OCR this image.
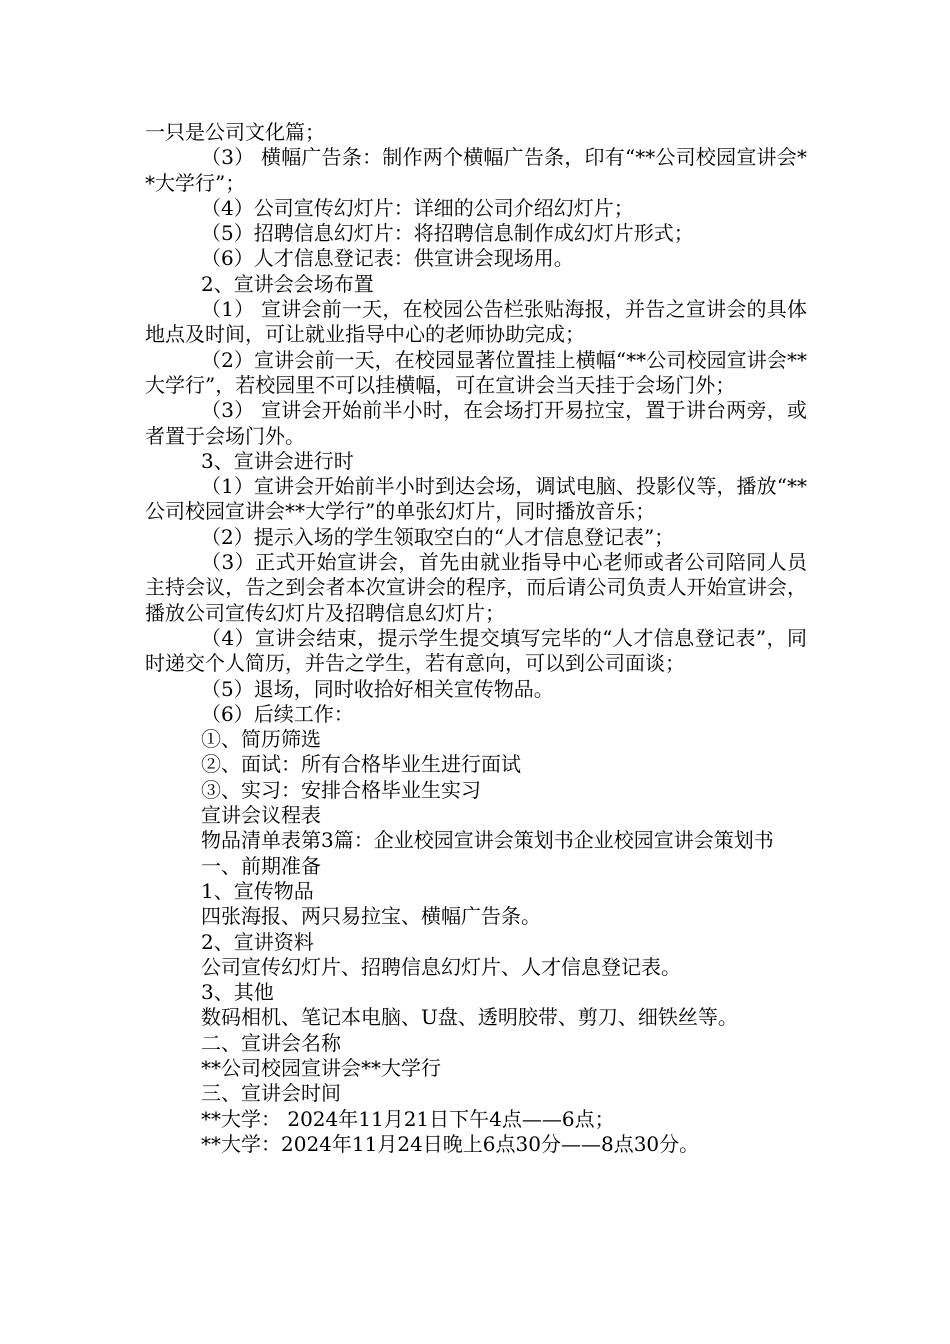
一只是公司文化篇；

（3） 横幅广告条：制作两个横幅广告条，印有“**公司校园宣讲会**大学行”；

（4）公司宣传幻灯片：详细的公司介绍幻灯片；

（5）招聘信息幻灯片：将招聘信息制作成幻灯片形式；

（6）人才信息登记表：供宣讲会现场用。

2、宣讲会会场布置

（1） 宣讲会前一天，在校园公告栏张贴海报，并告之宣讲会的具体地点及时间，可让就业指导中心的老师协助完成；

（2）宣讲会前一天，在校园显著位置挂上横幅“**公司校园宣讲会**大学行”，若校园里不可以挂横幅，可在宣讲会当天挂于会场门外；

（3） 宣讲会开始前半小时，在会场打开易拉宝，置于讲台两旁，或者置于会场门外。

3、宣讲会进行时

（1）宣讲会开始前半小时到达会场，调试电脑、投影仪等，播放“**公司校园宣讲会**大学行”的单张幻灯片，同时播放音乐；

（2）提示入场的学生领取空白的“人才信息登记表”；

（3）正式开始宣讲会，首先由就业指导中心老师或者公司陪同人员主持会议，告之到会者本次宣讲会的程序，而后请公司负责人开始宣讲会，播放公司宣传幻灯片及招聘信息幻灯片；

（4）宣讲会结束，提示学生提交填写完毕的“人才信息登记表”，同时递交个人简历，并告之学生，若有意向，可以到公司面谈；

（5）退场，同时收拾好相关宣传物品。

（6）后续工作：

①、简历筛选

②、面试：所有合格毕业生进行面试

③、实习：安排合格毕业生实习

宣讲会议程表

物品清单表第3篇：企业校园宣讲会策划书企业校园宣讲会策划书

一、前期准备

1、宣传物品

四张海报、两只易拉宝、横幅广告条。

2、宣讲资料

公司宣传幻灯片、招聘信息幻灯片、人才信息登记表。

3、其他

数码相机、笔记本电脑、U盘、透明胶带、剪刀、细铁丝等。

二、宣讲会名称

**公司校园宣讲会**大学行

三、宣讲会时间

**大学： 2024年11月21日下午4点——6点；

**大学：2024年11月24日晚上6点30分——8点30分。
